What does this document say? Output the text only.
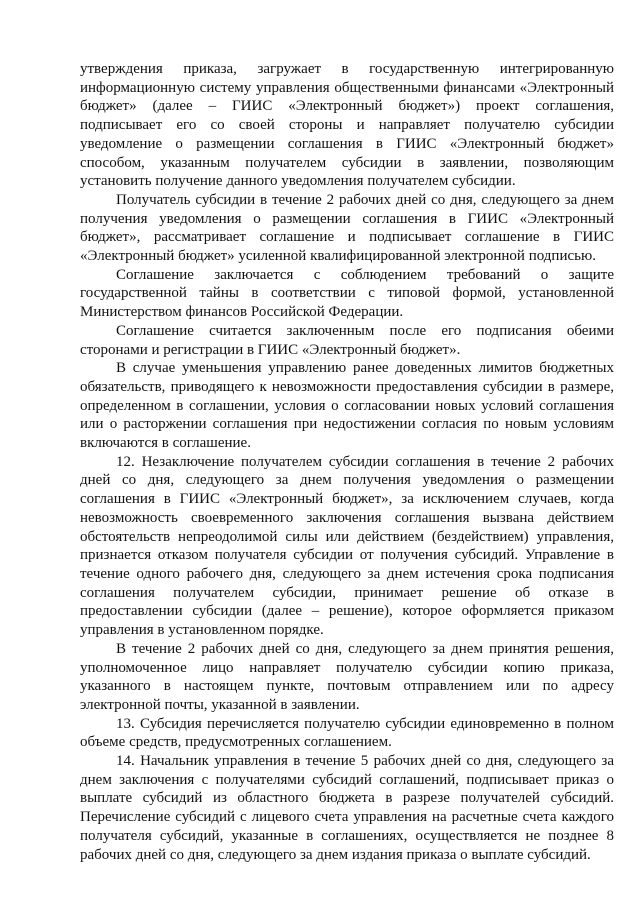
утверждения приказа, загружает в государственную интегрированную информационную систему управления общественными финансами «Электронный бюджет» (далее – ГИИС «Электронный бюджет») проект соглашения, подписывает его со своей стороны и направляет получателю субсидии уведомление о размещении соглашения в ГИИС «Электронный бюджет» способом, указанным получателем субсидии в заявлении, позволяющим установить получение данного уведомления получателем субсидии.

Получатель субсидии в течение 2 рабочих дней со дня, следующего за днем получения уведомления о размещении соглашения в ГИИС «Электронный бюджет», рассматривает соглашение и подписывает соглашение в ГИИС «Электронный бюджет» усиленной квалифицированной электронной подписью.

Соглашение заключается с соблюдением требований о защите государственной тайны в соответствии с типовой формой, установленной Министерством финансов Российской Федерации.

Соглашение считается заключенным после его подписания обеими сторонами и регистрации в ГИИС «Электронный бюджет».

В случае уменьшения управлению ранее доведенных лимитов бюджетных обязательств, приводящего к невозможности предоставления субсидии в размере, определенном в соглашении, условия о согласовании новых условий соглашения или о расторжении соглашения при недостижении согласия по новым условиям включаются в соглашение.

12. Незаключение получателем субсидии соглашения в течение 2 рабочих дней со дня, следующего за днем получения уведомления о размещении соглашения в ГИИС «Электронный бюджет», за исключением случаев, когда невозможность своевременного заключения соглашения вызвана действием обстоятельств непреодолимой силы или действием (бездействием) управления, признается отказом получателя субсидии от получения субсидий. Управление в течение одного рабочего дня, следующего за днем истечения срока подписания соглашения получателем субсидии, принимает решение об отказе в предоставлении субсидии (далее – решение), которое оформляется приказом управления в установленном порядке.

В течение 2 рабочих дней со дня, следующего за днем принятия решения, уполномоченное лицо направляет получателю субсидии копию приказа, указанного в настоящем пункте, почтовым отправлением или по адресу электронной почты, указанной в заявлении.

13. Субсидия перечисляется получателю субсидии единовременно в полном объеме средств, предусмотренных соглашением.

14. Начальник управления в течение 5 рабочих дней со дня, следующего за днем заключения с получателями субсидий соглашений, подписывает приказ о выплате субсидий из областного бюджета в разрезе получателей субсидий. Перечисление субсидий с лицевого счета управления на расчетные счета каждого получателя субсидий, указанные в соглашениях, осуществляется не позднее 8 рабочих дней со дня, следующего за днем издания приказа о выплате субсидий.
